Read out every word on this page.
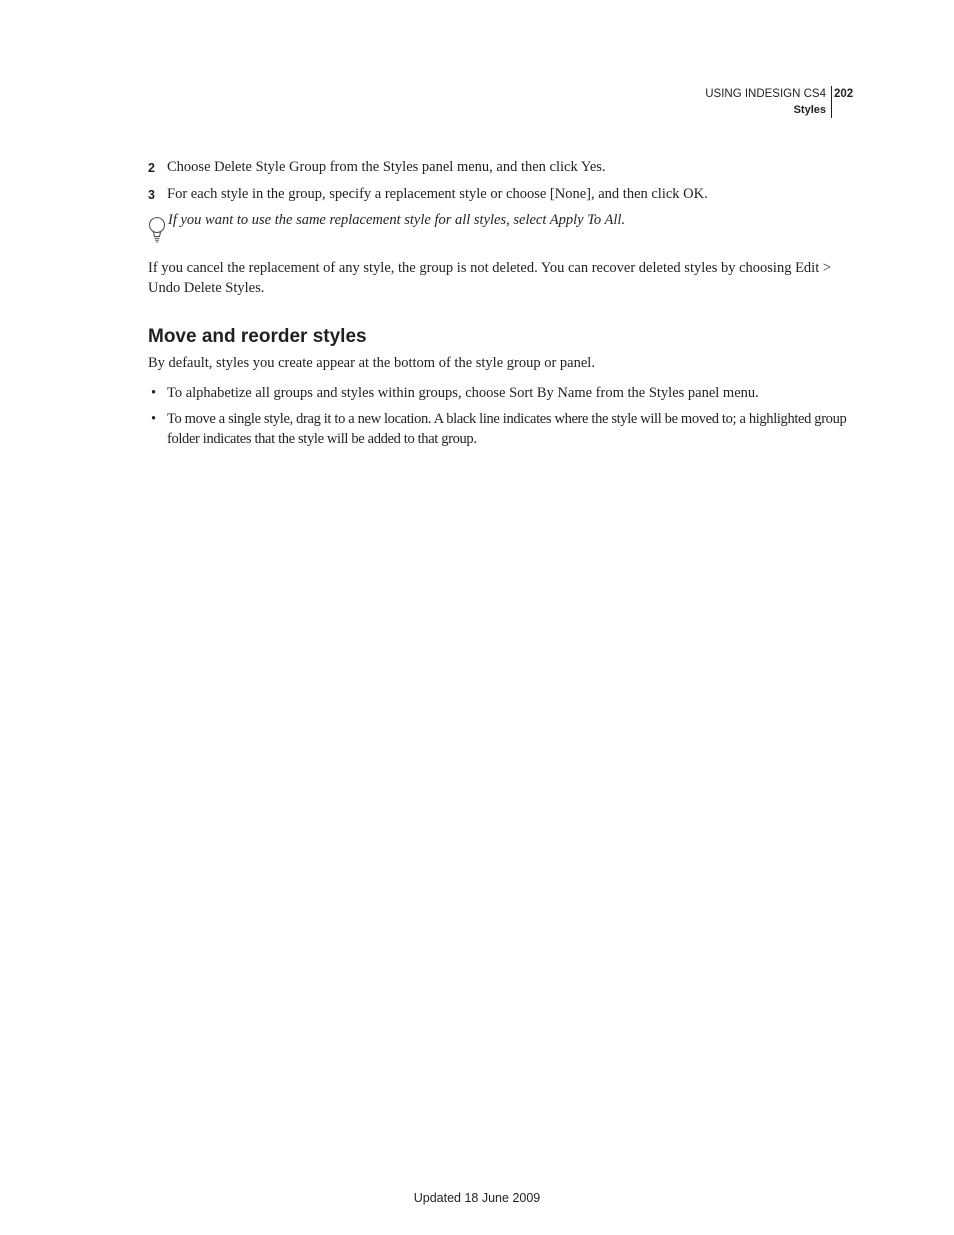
USING INDESIGN CS4
Styles
202
2 Choose Delete Style Group from the Styles panel menu, and then click Yes.
3 For each style in the group, specify a replacement style or choose [None], and then click OK.
If you want to use the same replacement style for all styles, select Apply To All.
If you cancel the replacement of any style, the group is not deleted. You can recover deleted styles by choosing Edit > Undo Delete Styles.
Move and reorder styles
By default, styles you create appear at the bottom of the style group or panel.
• To alphabetize all groups and styles within groups, choose Sort By Name from the Styles panel menu.
• To move a single style, drag it to a new location. A black line indicates where the style will be moved to; a highlighted group folder indicates that the style will be added to that group.
Updated 18 June 2009
